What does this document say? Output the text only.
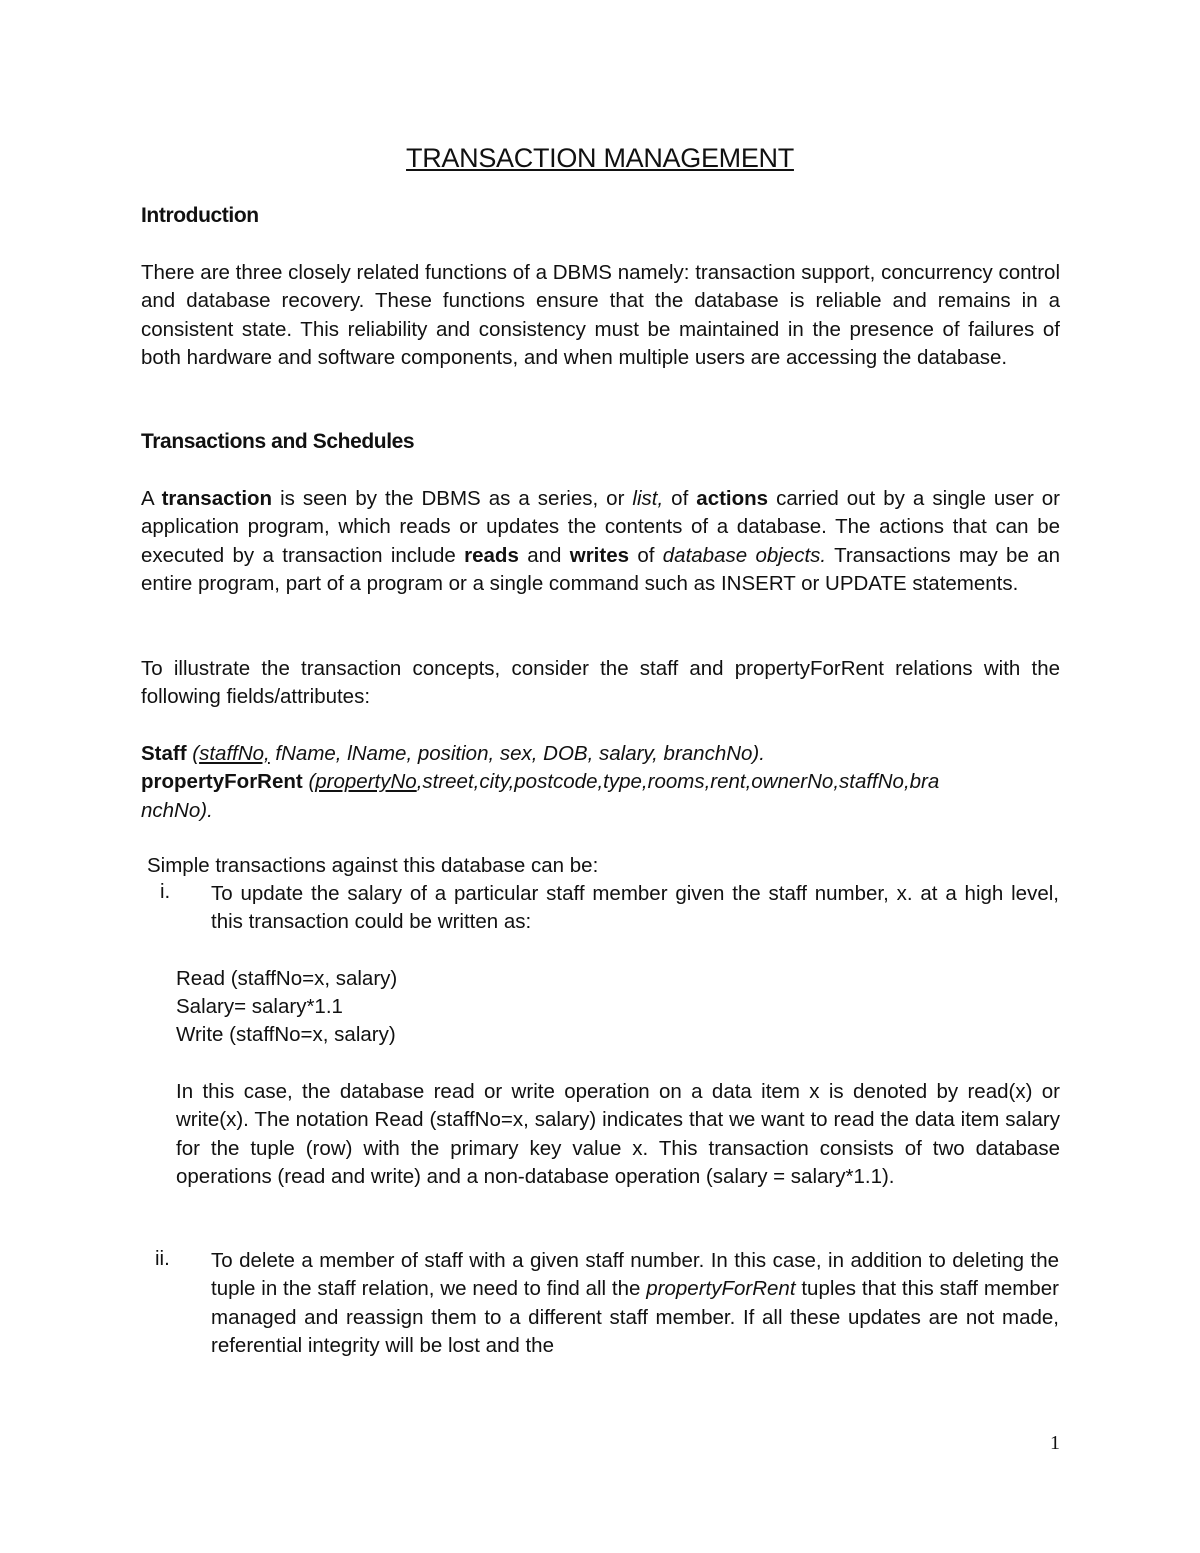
TRANSACTION MANAGEMENT
Introduction
There are three closely related functions of a DBMS namely: transaction support, concurrency control and database recovery. These functions ensure that the database is reliable and remains in a consistent state. This reliability and consistency must be maintained in the presence of failures of both hardware and software components, and when multiple users are accessing the database.
Transactions and Schedules
A transaction is seen by the DBMS as a series, or list, of actions carried out by a single user or application program, which reads or updates the contents of a database. The actions that can be executed by a transaction include reads and writes of database objects. Transactions may be an entire program, part of a program or a single command such as INSERT or UPDATE statements.
To illustrate the transaction concepts, consider the staff and propertyForRent relations with the following fields/attributes:
Staff (staffNo, fName, lName, position, sex, DOB, salary, branchNo).
propertyForRent (propertyNo,street,city,postcode,type,rooms,rent,ownerNo,staffNo,bra
nchNo).
Simple transactions against this database can be:
i. To update the salary of a particular staff member given the staff number, x. at a high level, this transaction could be written as:
Read (staffNo=x, salary)
Salary= salary*1.1
Write (staffNo=x, salary)
In this case, the database read or write operation on a data item x is denoted by read(x) or write(x). The notation Read (staffNo=x, salary) indicates that we want to read the data item salary for the tuple (row) with the primary key value x. This transaction consists of two database operations (read and write) and a non-database operation (salary = salary*1.1).
ii. To delete a member of staff with a given staff number. In this case, in addition to deleting the tuple in the staff relation, we need to find all the propertyForRent tuples that this staff member managed and reassign them to a different staff member. If all these updates are not made, referential integrity will be lost and the
1
